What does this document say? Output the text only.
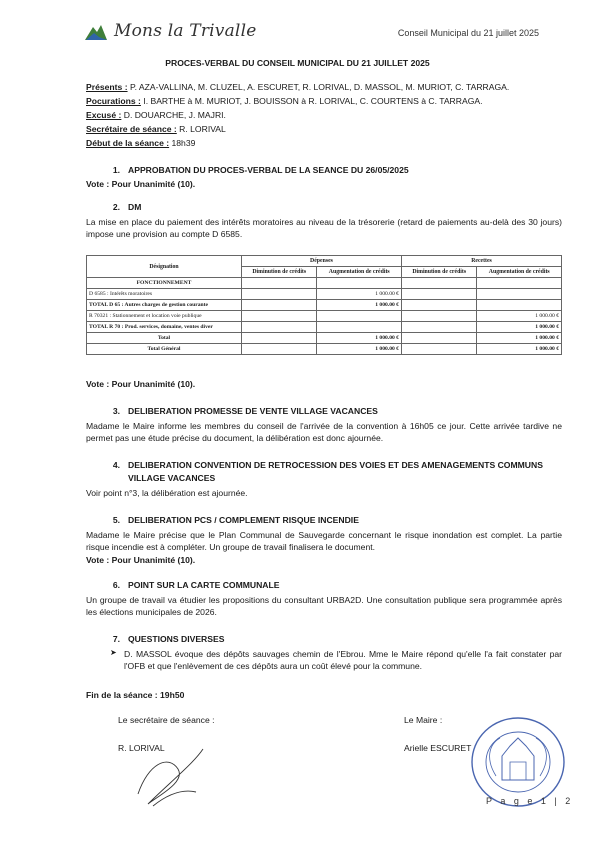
Mons la Trivalle	Conseil Municipal du 21 juillet 2025
PROCES-VERBAL DU CONSEIL MUNICIPAL DU 21 JUILLET 2025
Présents : P. AZA-VALLINA, M. CLUZEL, A. ESCURET, R. LORIVAL, D. MASSOL, M. MURIOT, C. TARRAGA.
Pocurations : I. BARTHE à M. MURIOT, J. BOUISSON à R. LORIVAL, C. COURTENS à C. TARRAGA.
Excusé : D. DOUARCHE, J. MAJRI.
Secrétaire de séance : R. LORIVAL
Début de la séance : 18h39
1. APPROBATION DU PROCES-VERBAL DE LA SEANCE DU 26/05/2025
Vote : Pour Unanimité (10).
2. DM
La mise en place du paiement des intérêts moratoires au niveau de la trésorerie (retard de paiements au-delà des 30 jours) impose une provision au compte D 6585.
Désignation	Dépenses		Recettes	
	Diminution de crédits	Augmentation de crédits	Diminution de crédits	Augmentation de crédits
FONCTIONNEMENT				
D 6585 : Intérêts moratoires		1 000.00 €		
TOTAL D 65 : Autres charges de gestion courante		1 000.00 €		
R 70321 : Stationnement et location voie publique				1 000.00 €
TOTAL R 70 : Prod. services, domaine, ventes diver				1 000.00 €
Total		1 000.00 €		1 000.00 €
Total Général		1 000.00 €		1 000.00 €
Vote : Pour Unanimité (10).
3. DELIBERATION PROMESSE DE VENTE VILLAGE VACANCES
Madame le Maire informe les membres du conseil de l'arrivée de la convention à 16h05 ce jour. Cette arrivée tardive ne permet pas une étude précise du document, la délibération est donc ajournée.
4. DELIBERATION CONVENTION DE RETROCESSION DES VOIES ET DES AMENAGEMENTS COMMUNS
VILLAGE VACANCES
Voir point n°3, la délibération est ajournée.
5. DELIBERATION PCS / COMPLEMENT RISQUE INCENDIE
Madame le Maire précise que le Plan Communal de Sauvegarde concernant le risque inondation est complet. La partie risque incendie est à compléter. Un groupe de travail finalisera le document.
Vote : Pour Unanimité (10).
6. POINT SUR LA CARTE COMMUNALE
Un groupe de travail va étudier les propositions du consultant URBA2D. Une consultation publique sera programmée après les élections municipales de 2026.
7. QUESTIONS DIVERSES
➤ D. MASSOL évoque des dépôts sauvages chemin de l'Ebrou. Mme le Maire répond qu'elle l'a fait constater par l'OFB et que l'enlèvement de ces dépôts aura un coût élevé pour la commune.
Fin de la séance : 19h50
Le secrétaire de séance :
R. LORIVAL
Le Maire :
Arielle ESCURET
P a g e 1 | 2
